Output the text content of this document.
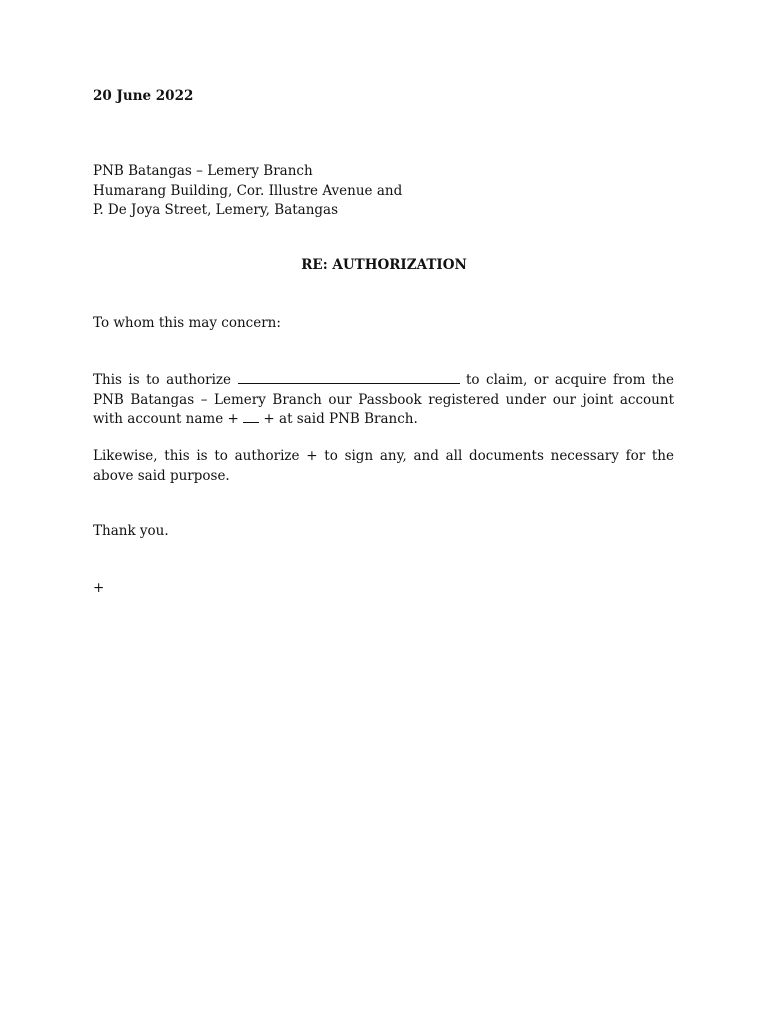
20 June 2022
PNB Batangas – Lemery Branch
Humarang Building, Cor. Illustre Avenue and
P. De Joya Street, Lemery, Batangas
RE: AUTHORIZATION
To whom this may concern:

This is to authorize	to claim, or acquire from the PNB Batangas – Lemery Branch our Passbook registered under our joint account with account name + + at said PNB Branch.

Likewise, this is to authorize + to sign any, and all documents necessary for the above said purpose.

Thank you.
+
